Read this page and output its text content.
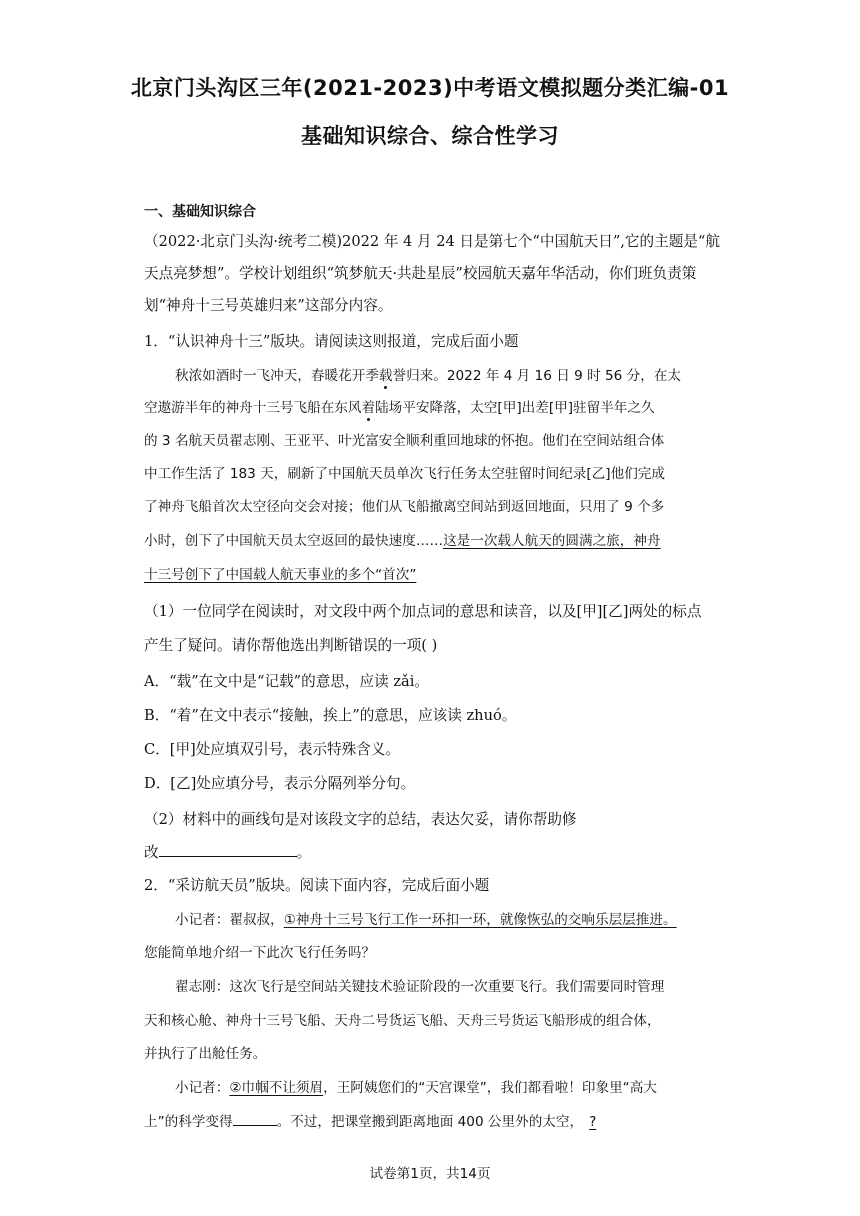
北京门头沟区三年(2021-2023)中考语文模拟题分类汇编-01
基础知识综合、综合性学习
一、基础知识综合
（2022·北京门头沟·统考二模)2022 年 4 月 24 日是第七个“中国航天日”,它的主题是“航
天点亮梦想”。学校计划组织“筑梦航天·共赴星辰”校园航天嘉年华活动，你们班负责策
划“神舟十三号英雄归来”这部分内容。
1．“认识神舟十三”版块。请阅读这则报道，完成后面小题
秋浓如酒时一飞冲天，春暖花开季载誉归来。2022 年 4 月 16 日 9 时 56 分，在太
空遨游半年的神舟十三号飞船在东风着陆场平安降落，太空[甲]出差[甲]驻留半年之久
的 3 名航天员翟志刚、王亚平、叶光富安全顺利重回地球的怀抱。他们在空间站组合体
中工作生活了 183 天，刷新了中国航天员单次飞行任务太空驻留时间纪录[乙]他们完成
了神舟飞船首次太空径向交会对接；他们从飞船撤离空间站到返回地面，只用了 9 个多
小时，创下了中国航天员太空返回的最快速度……这是一次载人航天的圆满之旅，神舟
十三号创下了中国载人航天事业的多个“首次”
（1）一位同学在阅读时，对文段中两个加点词的意思和读音，以及[甲][乙]两处的标点
产生了疑问。请你帮他选出判断错误的一项( )
A．“载”在文中是“记载”的意思，应读 zǎi。
B．“着”在文中表示“接触，挨上”的意思，应该读 zhuó。
C．[甲]处应填双引号，表示特殊含义。
D．[乙]处应填分号，表示分隔列举分句。
（2）材料中的画线句是对该段文字的总结，表达欠妥，请你帮助修
改	。
2．“采访航天员”版块。阅读下面内容，完成后面小题
小记者：翟叔叔，①神舟十三号飞行工作一环扣一环，就像恢弘的交响乐层层推进。
您能简单地介绍一下此次飞行任务吗？
翟志刚：这次飞行是空间站关键技术验证阶段的一次重要飞行。我们需要同时管理
天和核心舱、神舟十三号飞船、天舟二号货运飞船、天舟三号货运飞船形成的组合体，
并执行了出舱任务。
小记者：②巾帼不让须眉，王阿姨您们的“天宫课堂”，我们都看啦！印象里“高大
上”的科学变得	。不过，把课堂搬到距离地面 400 公里外的太空， ?
试卷第1页，共14页
